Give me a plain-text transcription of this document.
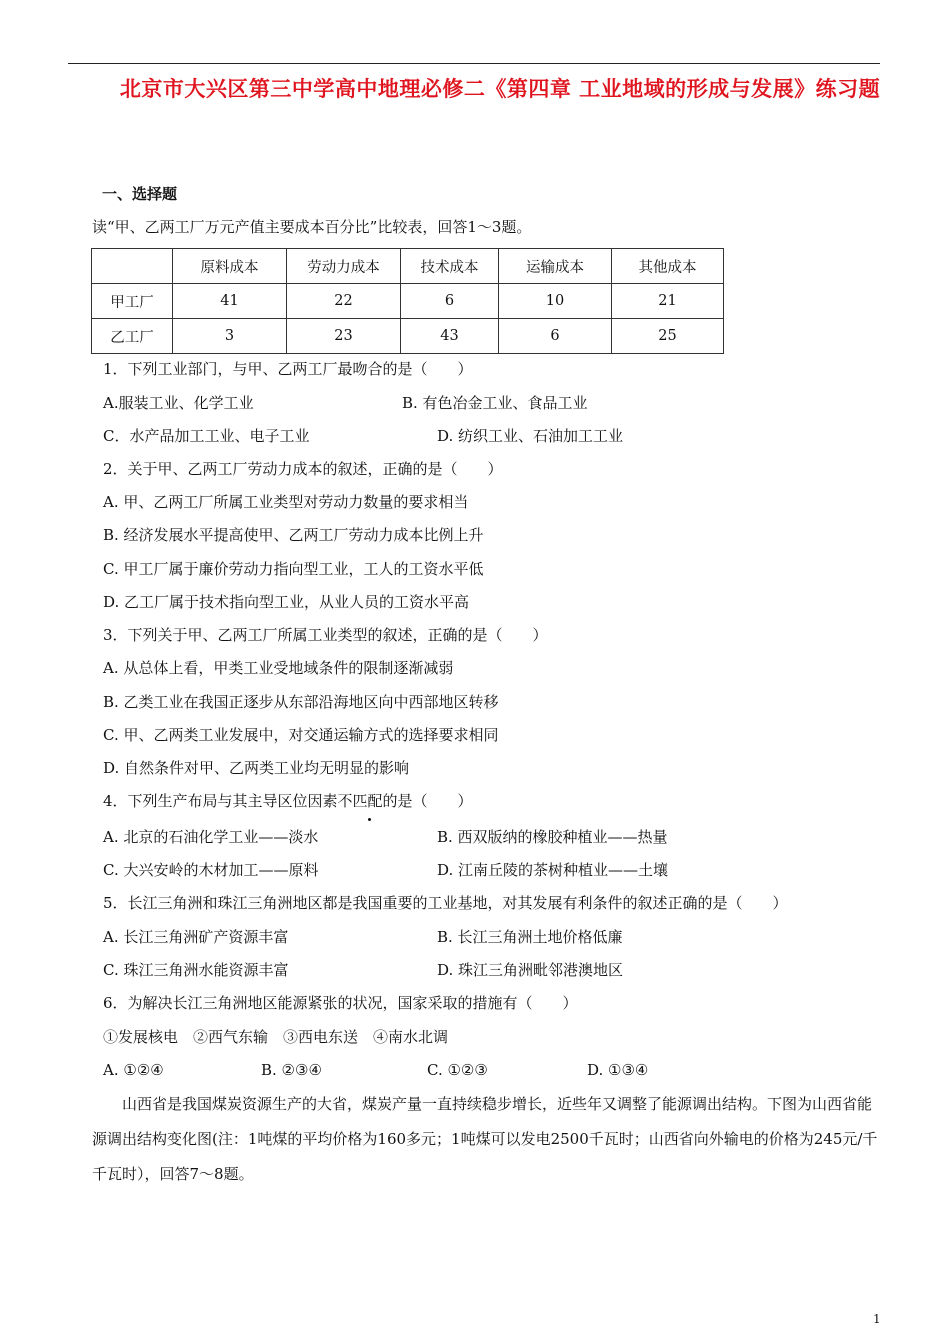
北京市大兴区第三中学高中地理必修二《第四章 工业地域的形成与发展》练习题
一、选择题
读“甲、乙两工厂万元产值主要成本百分比”比较表，回答1～3题。
	原料成本	劳动力成本	技术成本	运输成本	其他成本
甲工厂	41	22	6	10	21
乙工厂	3	23	43	6	25
1．下列工业部门，与甲、乙两工厂最吻合的是（　　）
A.服装工业、化学工业	B. 有色冶金工业、食品工业
C．水产品加工工业、电子工业	D. 纺织工业、石油加工工业
2．关于甲、乙两工厂劳动力成本的叙述，正确的是（　　）
A. 甲、乙两工厂所属工业类型对劳动力数量的要求相当
B. 经济发展水平提高使甲、乙两工厂劳动力成本比例上升
C. 甲工厂属于廉价劳动力指向型工业，工人的工资水平低
D. 乙工厂属于技术指向型工业，从业人员的工资水平高
3．下列关于甲、乙两工厂所属工业类型的叙述，正确的是（　　）
A. 从总体上看，甲类工业受地域条件的限制逐渐减弱
B. 乙类工业在我国正逐步从东部沿海地区向中西部地区转移
C. 甲、乙两类工业发展中，对交通运输方式的选择要求相同
D. 自然条件对甲、乙两类工业均无明显的影响
4．下列生产布局与其主导区位因素不匹配的是（　　）
A. 北京的石油化学工业——淡水	B. 西双版纳的橡胶种植业——热量
C. 大兴安岭的木材加工——原料	D. 江南丘陵的茶树种植业——土壤
5．长江三角洲和珠江三角洲地区都是我国重要的工业基地，对其发展有利条件的叙述正确的是（　　）
A. 长江三角洲矿产资源丰富	B. 长江三角洲土地价格低廉
C. 珠江三角洲水能资源丰富	D. 珠江三角洲毗邻港澳地区
6．为解决长江三角洲地区能源紧张的状况，国家采取的措施有（　　）
①发展核电　②西气东输　③西电东送　④南水北调
A. ①②④	B. ②③④	C. ①②③	D. ①③④
山西省是我国煤炭资源生产的大省，煤炭产量一直持续稳步增长，近些年又调整了能源调出结构。下图为山西省能源调出结构变化图(注：1吨煤的平均价格为160多元；1吨煤可以发电2500千瓦时；山西省向外输电的价格为245元/千千瓦时），回答7～8题。
1
